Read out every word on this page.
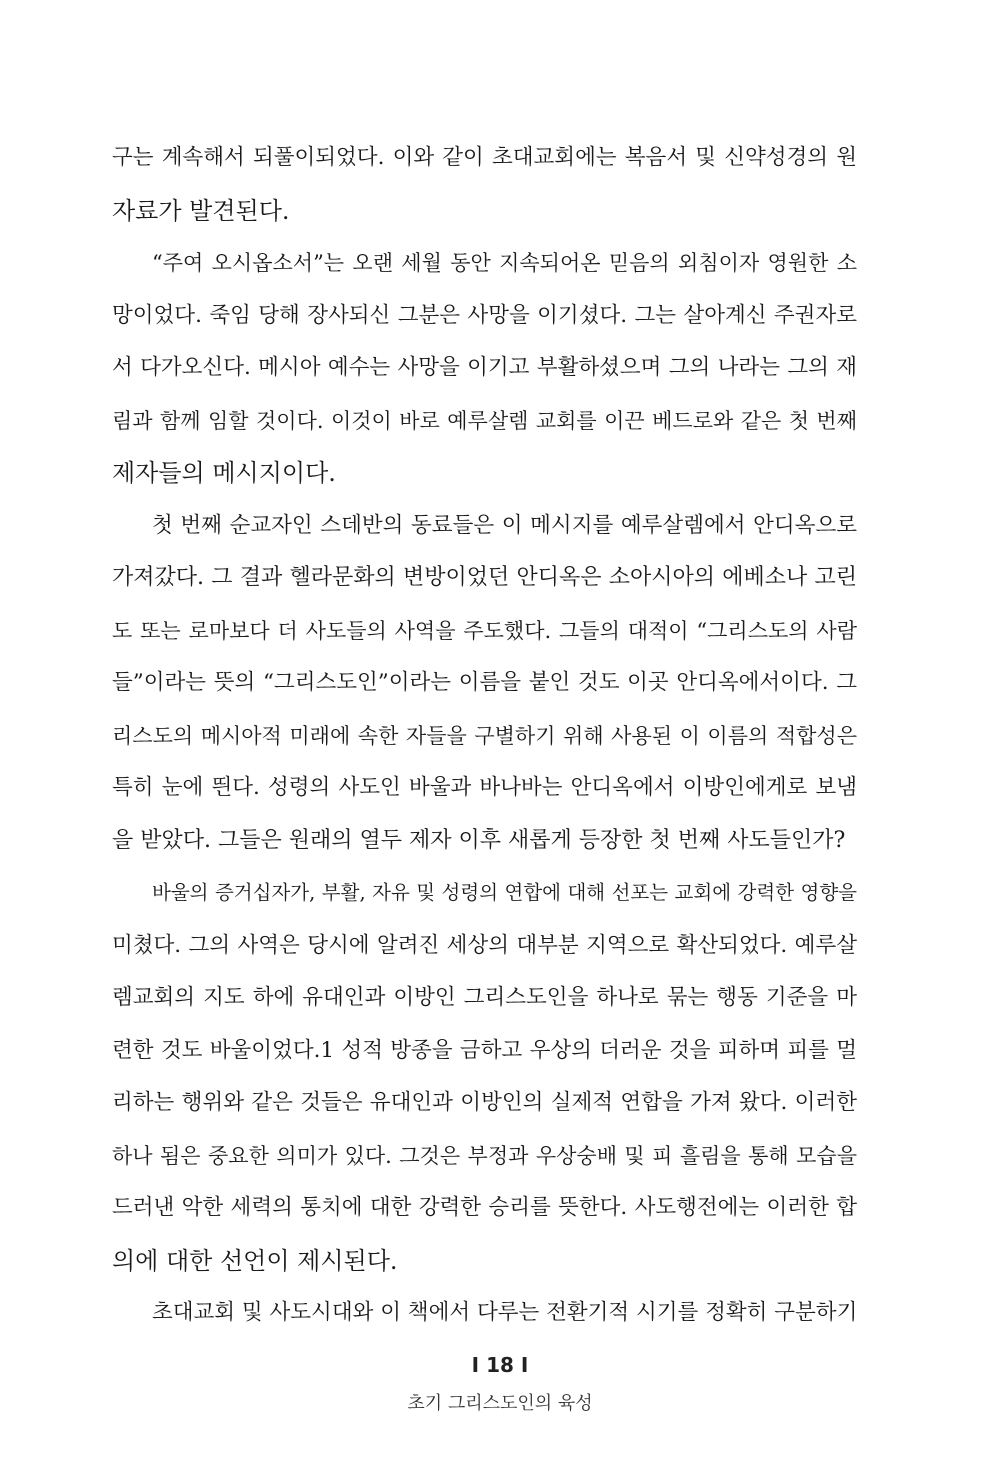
구는 계속해서 되풀이되었다. 이와 같이 초대교회에는 복음서 및 신약성경의 원
자료가 발견된다.
“주여 오시옵소서”는 오랜 세월 동안 지속되어온 믿음의 외침이자 영원한 소
망이었다. 죽임 당해 장사되신 그분은 사망을 이기셨다. 그는 살아계신 주권자로
서 다가오신다. 메시아 예수는 사망을 이기고 부활하셨으며 그의 나라는 그의 재
림과 함께 임할 것이다. 이것이 바로 예루살렘 교회를 이끈 베드로와 같은 첫 번째
제자들의 메시지이다.
첫 번째 순교자인 스데반의 동료들은 이 메시지를 예루살렘에서 안디옥으로
가져갔다. 그 결과 헬라문화의 변방이었던 안디옥은 소아시아의 에베소나 고린
도 또는 로마보다 더 사도들의 사역을 주도했다. 그들의 대적이 “그리스도의 사람
들”이라는 뜻의 “그리스도인”이라는 이름을 붙인 것도 이곳 안디옥에서이다. 그
리스도의 메시아적 미래에 속한 자들을 구별하기 위해 사용된 이 이름의 적합성은
특히 눈에 띈다. 성령의 사도인 바울과 바나바는 안디옥에서 이방인에게로 보냄
을 받았다. 그들은 원래의 열두 제자 이후 새롭게 등장한 첫 번째 사도들인가?
바울의 증거십자가, 부활, 자유 및 성령의 연합에 대해 선포는 교회에 강력한 영향을
미쳤다. 그의 사역은 당시에 알려진 세상의 대부분 지역으로 확산되었다. 예루살
렘교회의 지도 하에 유대인과 이방인 그리스도인을 하나로 묶는 행동 기준을 마
련한 것도 바울이었다.1 성적 방종을 금하고 우상의 더러운 것을 피하며 피를 멀
리하는 행위와 같은 것들은 유대인과 이방인의 실제적 연합을 가져 왔다. 이러한
하나 됨은 중요한 의미가 있다. 그것은 부정과 우상숭배 및 피 흘림을 통해 모습을
드러낸 악한 세력의 통치에 대한 강력한 승리를 뜻한다. 사도행전에는 이러한 합
의에 대한 선언이 제시된다.
초대교회 및 사도시대와 이 책에서 다루는 전환기적 시기를 정확히 구분하기
I 18 I
초기 그리스도인의 육성
